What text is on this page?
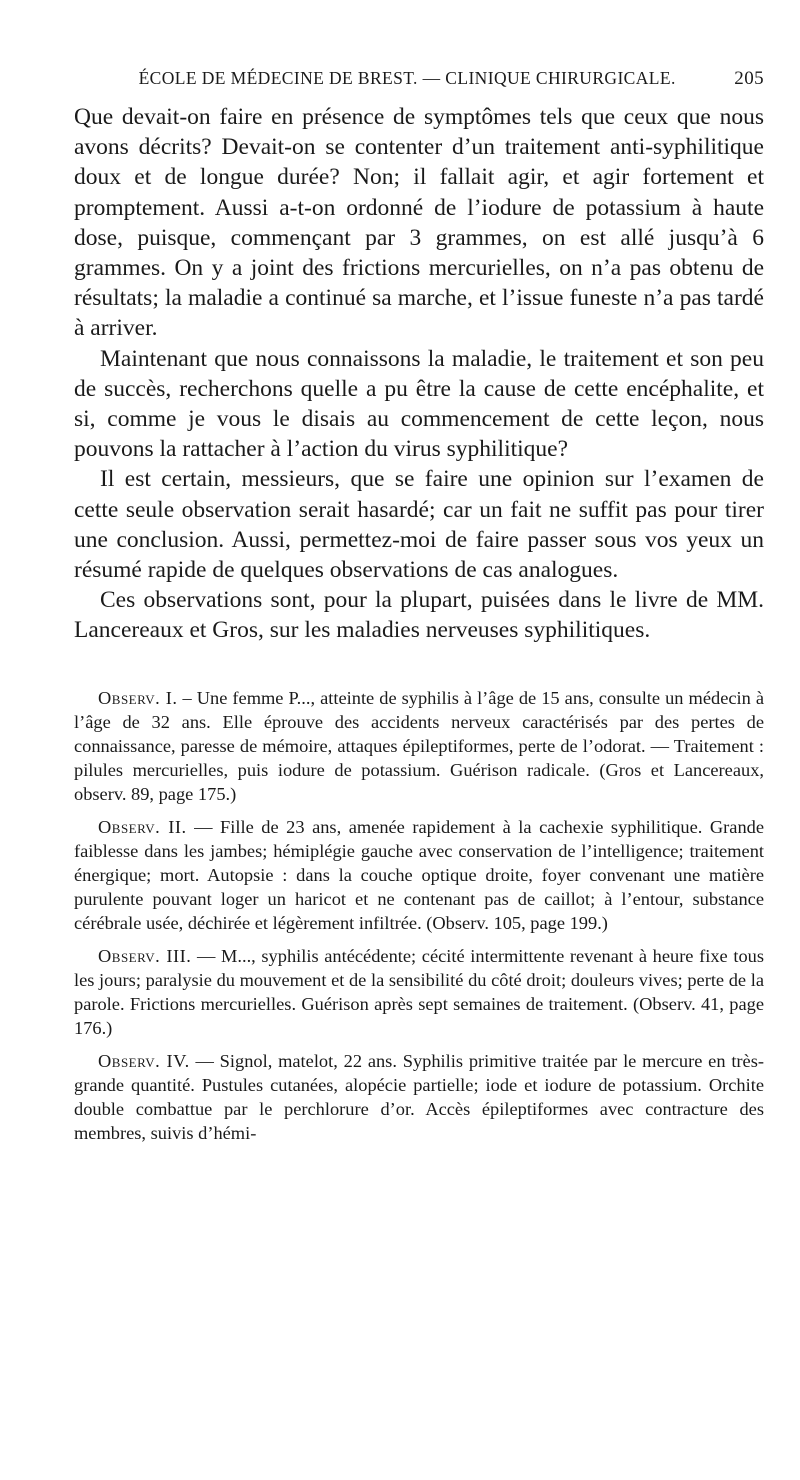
ÉCOLE DE MÉDECINE DE BREST. — CLINIQUE CHIRURGICALE.	205

Que devait-on faire en présence de symptômes tels que ceux que nous avons décrits? Devait-on se contenter d’un traitement anti-syphilitique doux et de longue durée? Non; il fallait agir, et agir fortement et promptement. Aussi a-t-on ordonné de l’iodure de potassium à haute dose, puisque, commençant par 3 grammes, on est allé jusqu’à 6 grammes. On y a joint des frictions mercurielles, on n’a pas obtenu de résultats; la maladie a continué sa marche, et l’issue funeste n’a pas tardé à arriver.

Maintenant que nous connaissons la maladie, le traitement et son peu de succès, recherchons quelle a pu être la cause de cette encéphalite, et si, comme je vous le disais au commencement de cette leçon, nous pouvons la rattacher à l’action du virus syphilitique?

Il est certain, messieurs, que se faire une opinion sur l’examen de cette seule observation serait hasardé; car un fait ne suffit pas pour tirer une conclusion. Aussi, permettez-moi de faire passer sous vos yeux un résumé rapide de quelques observations de cas analogues.

Ces observations sont, pour la plupart, puisées dans le livre de MM. Lancereaux et Gros, sur les maladies nerveuses syphilitiques.

Observ. I. – Une femme P..., atteinte de syphilis à l’âge de 15 ans, consulte un médecin à l’âge de 32 ans. Elle éprouve des accidents nerveux caractérisés par des pertes de connaissance, paresse de mémoire, attaques épileptiformes, perte de l’odorat. — Traitement : pilules mercurielles, puis iodure de potassium. Guérison radicale. (Gros et Lancereaux, observ. 89, page 175.)

Observ. II. — Fille de 23 ans, amenée rapidement à la cachexie syphilitique. Grande faiblesse dans les jambes; hémiplégie gauche avec conservation de l’intelligence; traitement énergique; mort. Autopsie : dans la couche optique droite, foyer convenant une matière purulente pouvant loger un haricot et ne contenant pas de caillot; à l’entour, substance cérébrale usée, déchirée et légèrement infiltrée. (Observ. 105, page 199.)

Observ. III. — M..., syphilis antécédente; cécité intermittente revenant à heure fixe tous les jours; paralysie du mouvement et de la sensibilité du côté droit; douleurs vives; perte de la parole. Frictions mercurielles. Guérison après sept semaines de traitement. (Observ. 41, page 176.)

Observ. IV. — Signol, matelot, 22 ans. Syphilis primitive traitée par le mercure en très-grande quantité. Pustules cutanées, alopécie partielle; iode et iodure de potassium. Orchite double combattue par le perchlorure d’or. Accès épileptiformes avec contracture des membres, suivis d’hémi-
